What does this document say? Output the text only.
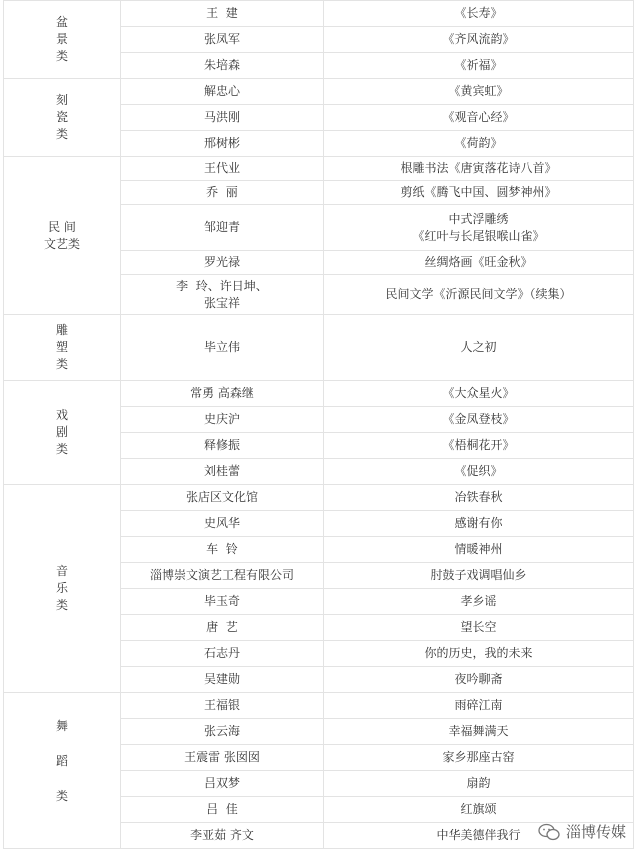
盆
景
类	王  建	《长寿》
	张凤军	《齐风流韵》
	朱培森	《祈福》

刻
瓷
类	解忠心	《黄宾虹》
	马洪刚	《观音心经》
	邢树彬	《荷韵》

民 间
文艺类	王代业	根雕书法《唐寅落花诗八首》
	乔  丽	剪纸《腾飞中国、圆梦神州》
	邹迎青	中式浮雕绣
《红叶与长尾银喉山雀》
	罗光禄	丝绸烙画《旺金秋》
	李  玲、许日坤、
张宝祥	民间文学《沂源民间文学》（续集）

雕
塑
类	毕立伟	人之初

戏
剧
类	常勇 高森继	《大众星火》
	史庆沪	《金凤登枝》
	释修振	《梧桐花开》
	刘桂蕾	《促织》

音
乐
类	张店区文化馆	冶铁春秋
	史风华	感谢有你
	车  铃	情暖神州
	淄博崇文演艺工程有限公司	肘鼓子戏调唱仙乡
	毕玉奇	孝乡谣
	唐  艺	望长空
	石志丹	你的历史，我的未来
	吴建勋	夜吟聊斋

舞
蹈
类	王福银	雨碎江南
	张云海	幸福舞满天
	王震雷 张囡囡	家乡那座古窑
	吕双梦	扇韵
	吕  佳	红旗颂
	李亚茹 齐文	中华美德伴我行	淄博传媒
